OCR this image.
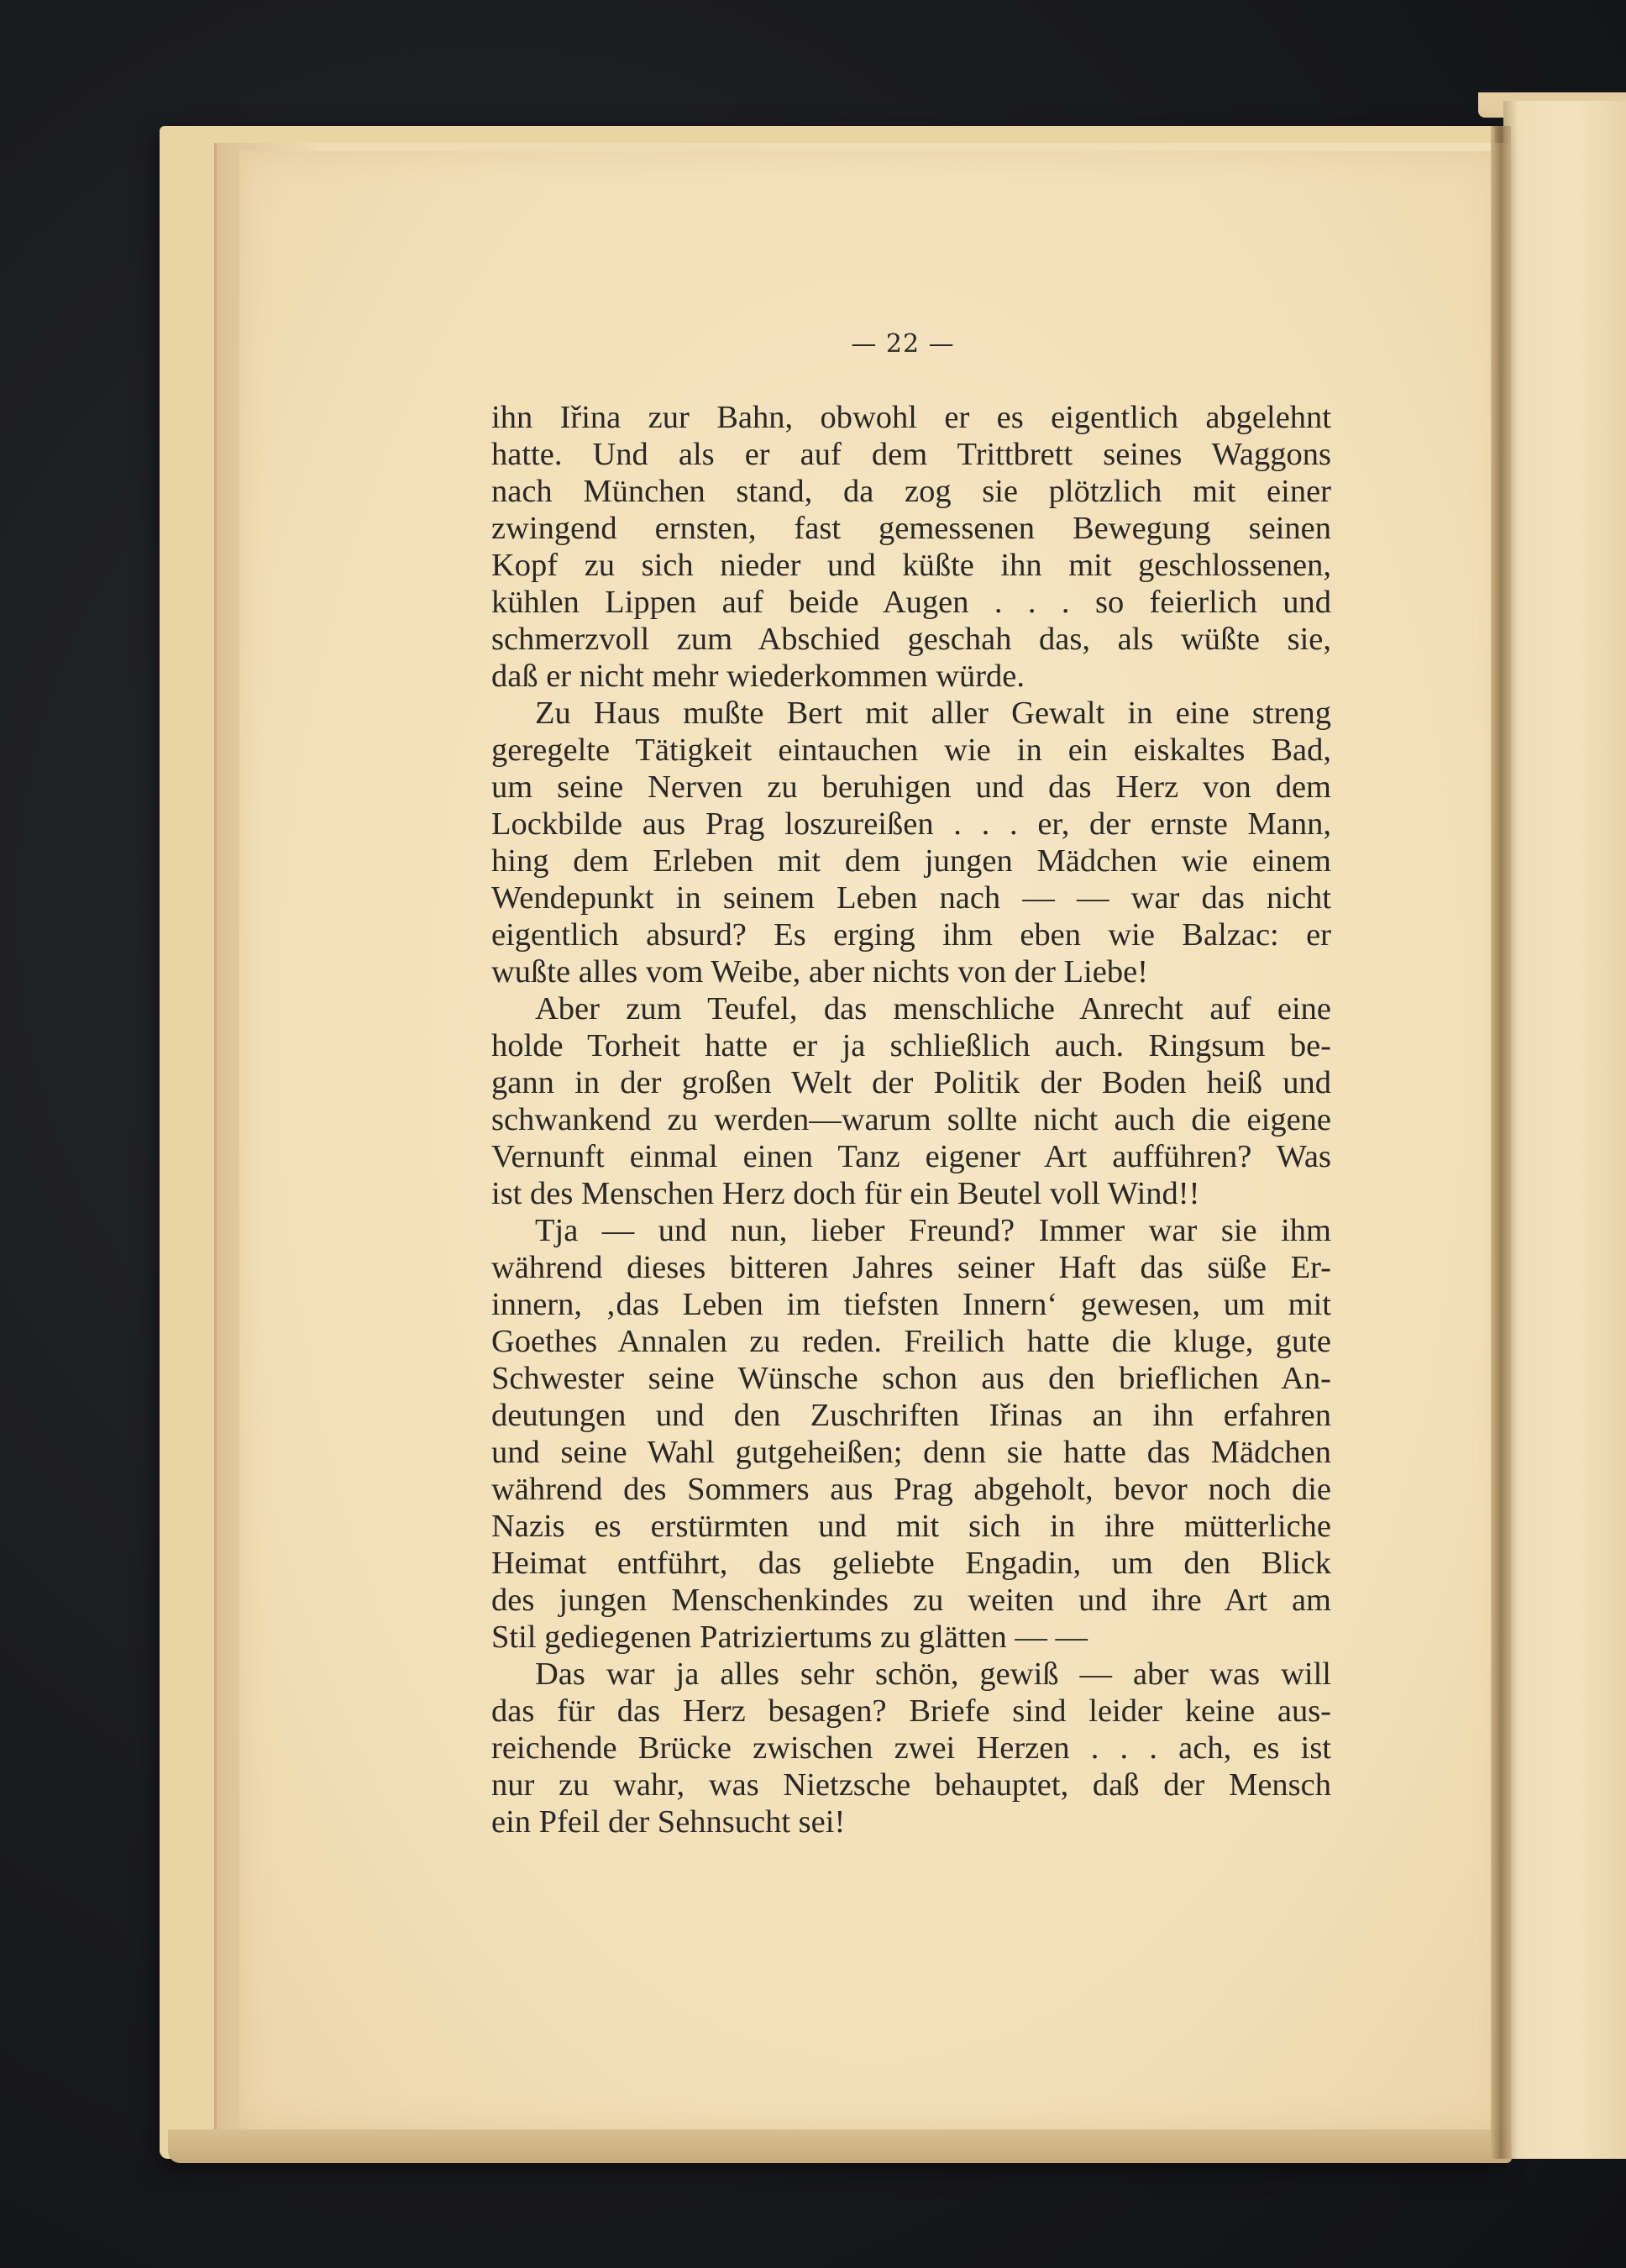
— 22 —

ihn Iřina zur Bahn, obwohl er es eigentlich abgelehnt
hatte. Und als er auf dem Trittbrett seines Waggons
nach München stand, da zog sie plötzlich mit einer
zwingend ernsten, fast gemessenen Bewegung seinen
Kopf zu sich nieder und küßte ihn mit geschlossenen,
kühlen Lippen auf beide Augen . . . so feierlich und
schmerzvoll zum Abschied geschah das, als wüßte sie,
daß er nicht mehr wiederkommen würde.

Zu Haus mußte Bert mit aller Gewalt in eine streng
geregelte Tätigkeit eintauchen wie in ein eiskaltes Bad,
um seine Nerven zu beruhigen und das Herz von dem
Lockbilde aus Prag loszureißen . . . er, der ernste Mann,
hing dem Erleben mit dem jungen Mädchen wie einem
Wendepunkt in seinem Leben nach — — war das nicht
eigentlich absurd? Es erging ihm eben wie Balzac: er
wußte alles vom Weibe, aber nichts von der Liebe!

Aber zum Teufel, das menschliche Anrecht auf eine
holde Torheit hatte er ja schließlich auch. Ringsum be-
gann in der großen Welt der Politik der Boden heiß und
schwankend zu werden—warum sollte nicht auch die eigene
Vernunft einmal einen Tanz eigener Art aufführen? Was
ist des Menschen Herz doch für ein Beutel voll Wind!!

Tja — und nun, lieber Freund? Immer war sie ihm
während dieses bitteren Jahres seiner Haft das süße Er-
innern, ‚das Leben im tiefsten Innern‘ gewesen, um mit
Goethes Annalen zu reden. Freilich hatte die kluge, gute
Schwester seine Wünsche schon aus den brieflichen An-
deutungen und den Zuschriften Iřinas an ihn erfahren
und seine Wahl gutgeheißen; denn sie hatte das Mädchen
während des Sommers aus Prag abgeholt, bevor noch die
Nazis es erstürmten und mit sich in ihre mütterliche
Heimat entführt, das geliebte Engadin, um den Blick
des jungen Menschenkindes zu weiten und ihre Art am
Stil gediegenen Patriziertums zu glätten — —

Das war ja alles sehr schön, gewiß — aber was will
das für das Herz besagen? Briefe sind leider keine aus-
reichende Brücke zwischen zwei Herzen . . . ach, es ist
nur zu wahr, was Nietzsche behauptet, daß der Mensch
ein Pfeil der Sehnsucht sei!
